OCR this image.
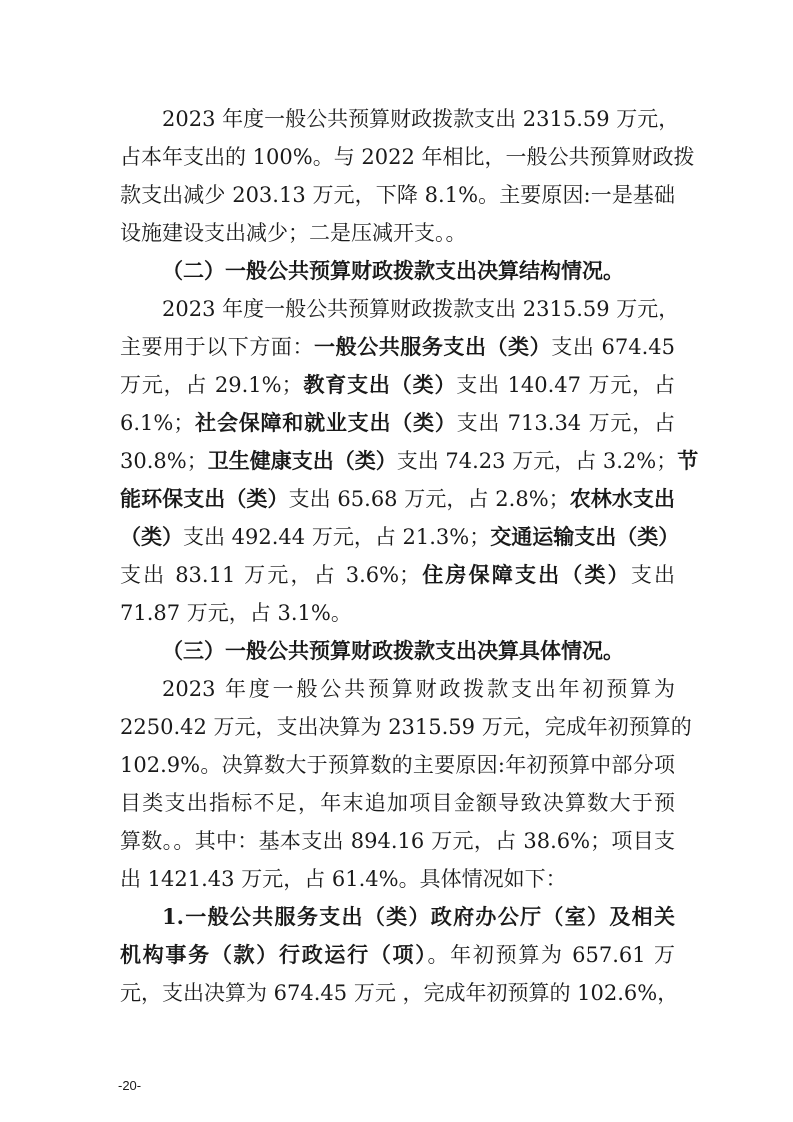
2023 年度一般公共预算财政拨款支出 2315.59 万元，
占本年支出的 100%。与 2022 年相比，一般公共预算财政拨
款支出减少 203.13 万元，下降 8.1%。主要原因:一是基础
设施建设支出减少；二是压减开支。。
（二）一般公共预算财政拨款支出决算结构情况。
2023 年度一般公共预算财政拨款支出 2315.59 万元，
主要用于以下方面：一般公共服务支出（类）支出 674.45
万元，占 29.1%；教育支出（类）支出 140.47 万元，占
6.1%；社会保障和就业支出（类）支出 713.34 万元，占
30.8%；卫生健康支出（类）支出 74.23 万元，占 3.2%；节
能环保支出（类）支出 65.68 万元，占 2.8%；农林水支出
（类）支出 492.44 万元，占 21.3%；交通运输支出（类）
支出 83.11 万元，占 3.6%；住房保障支出（类）支出
71.87 万元，占 3.1%。
（三）一般公共预算财政拨款支出决算具体情况。
2023 年度一般公共预算财政拨款支出年初预算为
2250.42 万元，支出决算为 2315.59 万元，完成年初预算的
102.9%。决算数大于预算数的主要原因:年初预算中部分项
目类支出指标不足，年末追加项目金额导致决算数大于预
算数。。其中：基本支出 894.16 万元，占 38.6%；项目支
出 1421.43 万元，占 61.4%。具体情况如下：
1.一般公共服务支出（类）政府办公厅（室）及相关
机构事务（款）行政运行（项）。年初预算为 657.61 万
元，支出决算为 674.45 万元 ，完成年初预算的 102.6%，
-20-
